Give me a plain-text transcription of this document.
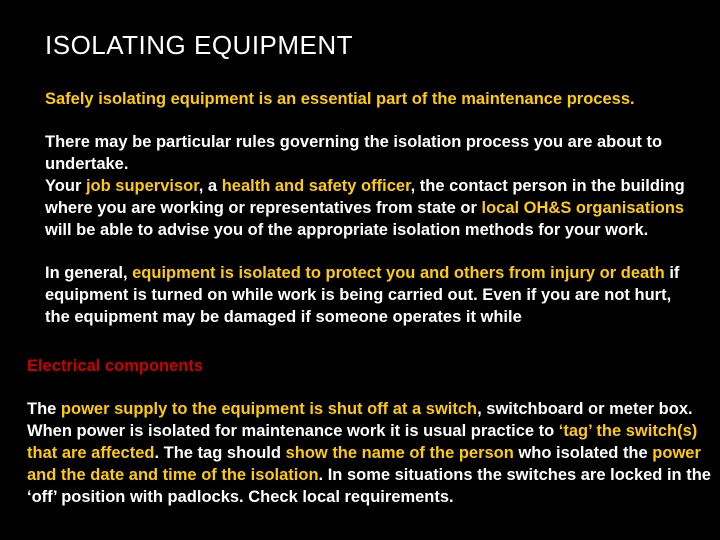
ISOLATING EQUIPMENT

Safely isolating equipment is an essential part of the maintenance process.

There may be particular rules governing the isolation process you are about to undertake.

Your job supervisor, a health and safety officer, the contact person in the building where you are working or representatives from state or local OH&S organisations will be able to advise you of the appropriate isolation methods for your work.

In general, equipment is isolated to protect you and others from injury or death if equipment is turned on while work is being carried out. Even if you are not hurt, the equipment may be damaged if someone operates it while

Electrical components

The power supply to the equipment is shut off at a switch, switchboard or meter box.

When power is isolated for maintenance work it is usual practice to ‘tag’ the switch(s) that are affected. The tag should show the name of the person who isolated the power and the date and time of the isolation. In some situations the switches are locked in the ‘off’ position with padlocks. Check local requirements.
